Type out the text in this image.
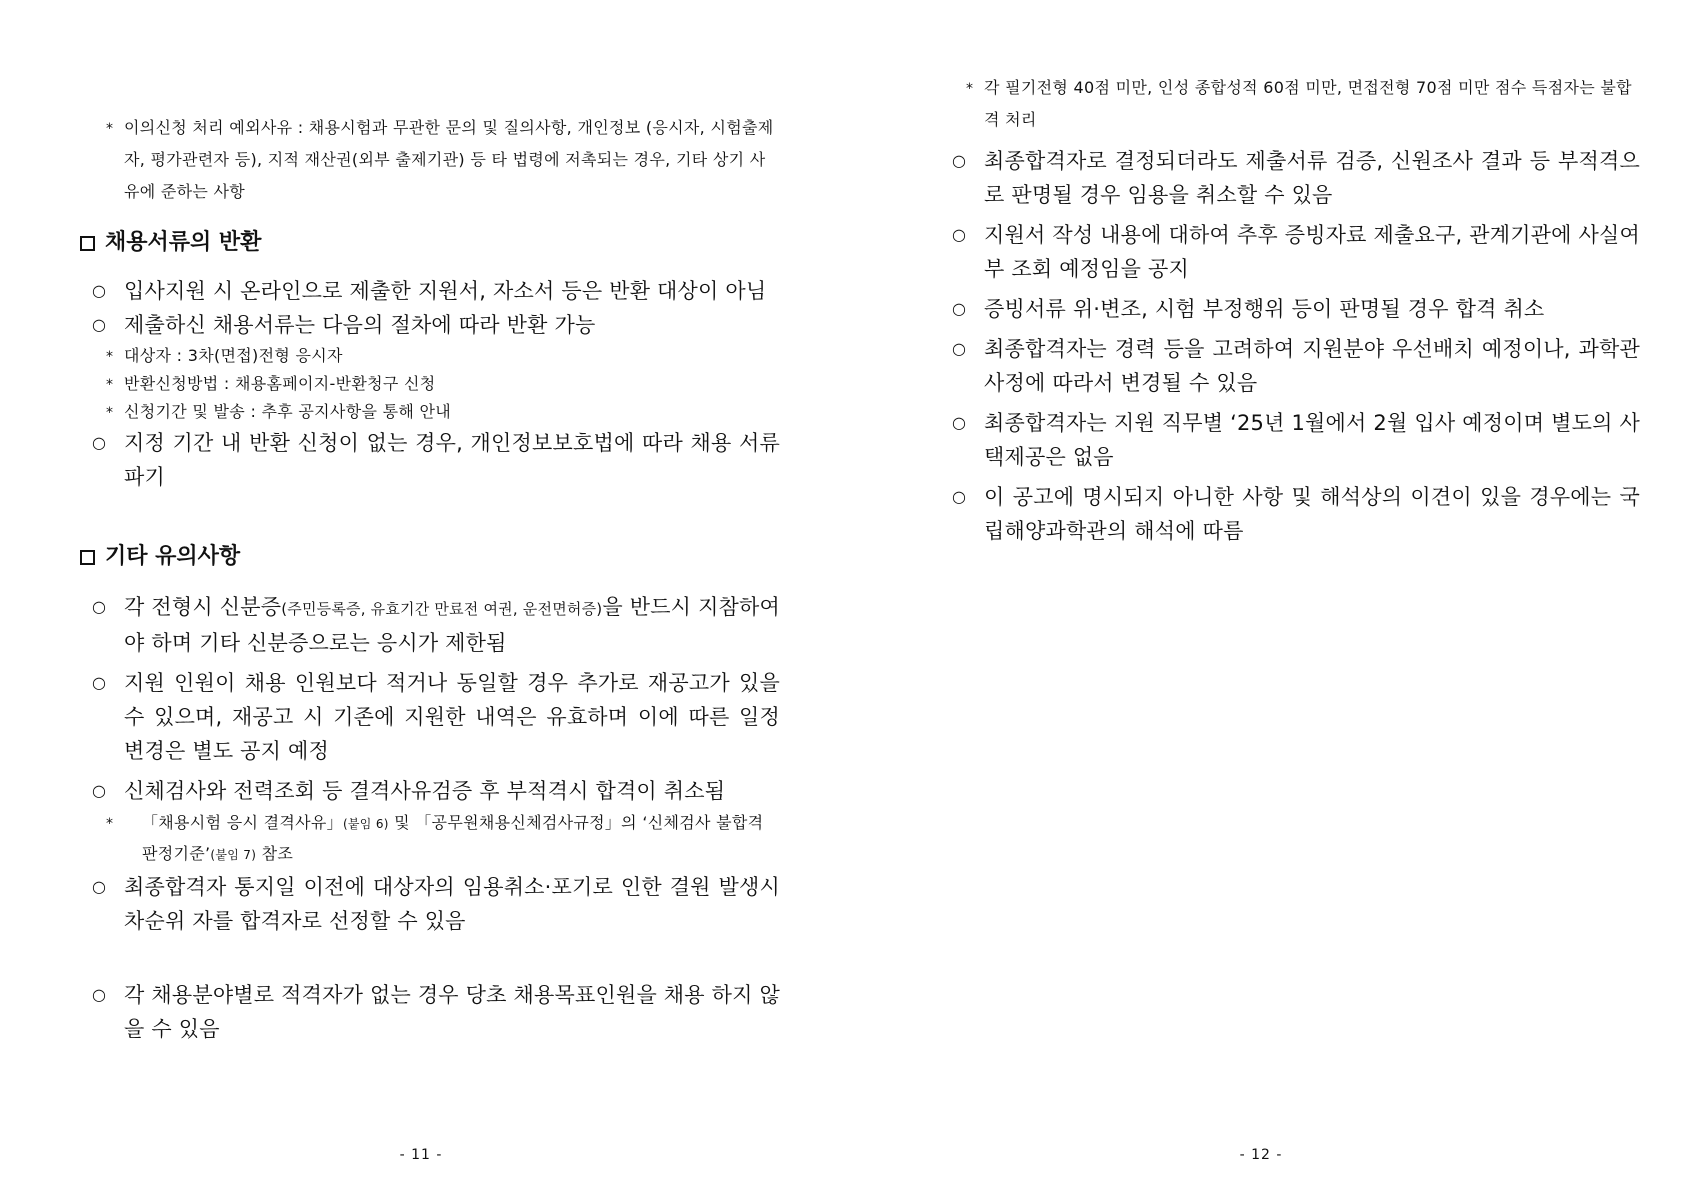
* 이의신청 처리 예외사유 : 채용시험과 무관한 문의 및 질의사항, 개인정보 (응시자, 시험출제자, 평가관련자 등), 지적 재산권(외부 출제기관) 등 타 법령에 저촉되는 경우, 기타 상기 사유에 준하는 사항
채용서류의 반환
○ 입사지원 시 온라인으로 제출한 지원서, 자소서 등은 반환 대상이 아님
○ 제출하신 채용서류는 다음의 절차에 따라 반환 가능
* 대상자 : 3차(면접)전형 응시자
* 반환신청방법 : 채용홈페이지-반환청구 신청
* 신청기간 및 발송 : 추후 공지사항을 통해 안내
○ 지정 기간 내 반환 신청이 없는 경우, 개인정보보호법에 따라 채용 서류 파기
기타 유의사항
○ 각 전형시 신분증(주민등록증, 유효기간 만료전 여권, 운전면허증)을 반드시 지참하여야 하며 기타 신분증으로는 응시가 제한됨
○ 지원 인원이 채용 인원보다 적거나 동일할 경우 추가로 재공고가 있을 수 있으며, 재공고 시 기존에 지원한 내역은 유효하며 이에 따른 일정 변경은 별도 공지 예정
○ 신체검사와 전력조회 등 결격사유검증 후 부적격시 합격이 취소됨
* 「채용시험 응시 결격사유」(붙임 6) 및 「공무원채용신체검사규정」의 ‘신체검사 불합격 판정기준’(붙임 7) 참조
○ 최종합격자 통지일 이전에 대상자의 임용취소·포기로 인한 결원 발생시 차순위 자를 합격자로 선정할 수 있음
○ 각 채용분야별로 적격자가 없는 경우 당초 채용목표인원을 채용 하지 않을 수 있음
- 11 -
* 각 필기전형 40점 미만, 인성 종합성적 60점 미만, 면접전형 70점 미만 점수 득점자는 불합격 처리
○ 최종합격자로 결정되더라도 제출서류 검증, 신원조사 결과 등 부적격으로 판명될 경우 임용을 취소할 수 있음
○ 지원서 작성 내용에 대하여 추후 증빙자료 제출요구, 관계기관에 사실여부 조회 예정임을 공지
○ 증빙서류 위·변조, 시험 부정행위 등이 판명될 경우 합격 취소
○ 최종합격자는 경력 등을 고려하여 지원분야 우선배치 예정이나, 과학관 사정에 따라서 변경될 수 있음
○ 최종합격자는 지원 직무별 ‘25년 1월에서 2월 입사 예정이며 별도의 사택제공은 없음
○ 이 공고에 명시되지 아니한 사항 및 해석상의 이견이 있을 경우에는 국립해양과학관의 해석에 따름
- 12 -
